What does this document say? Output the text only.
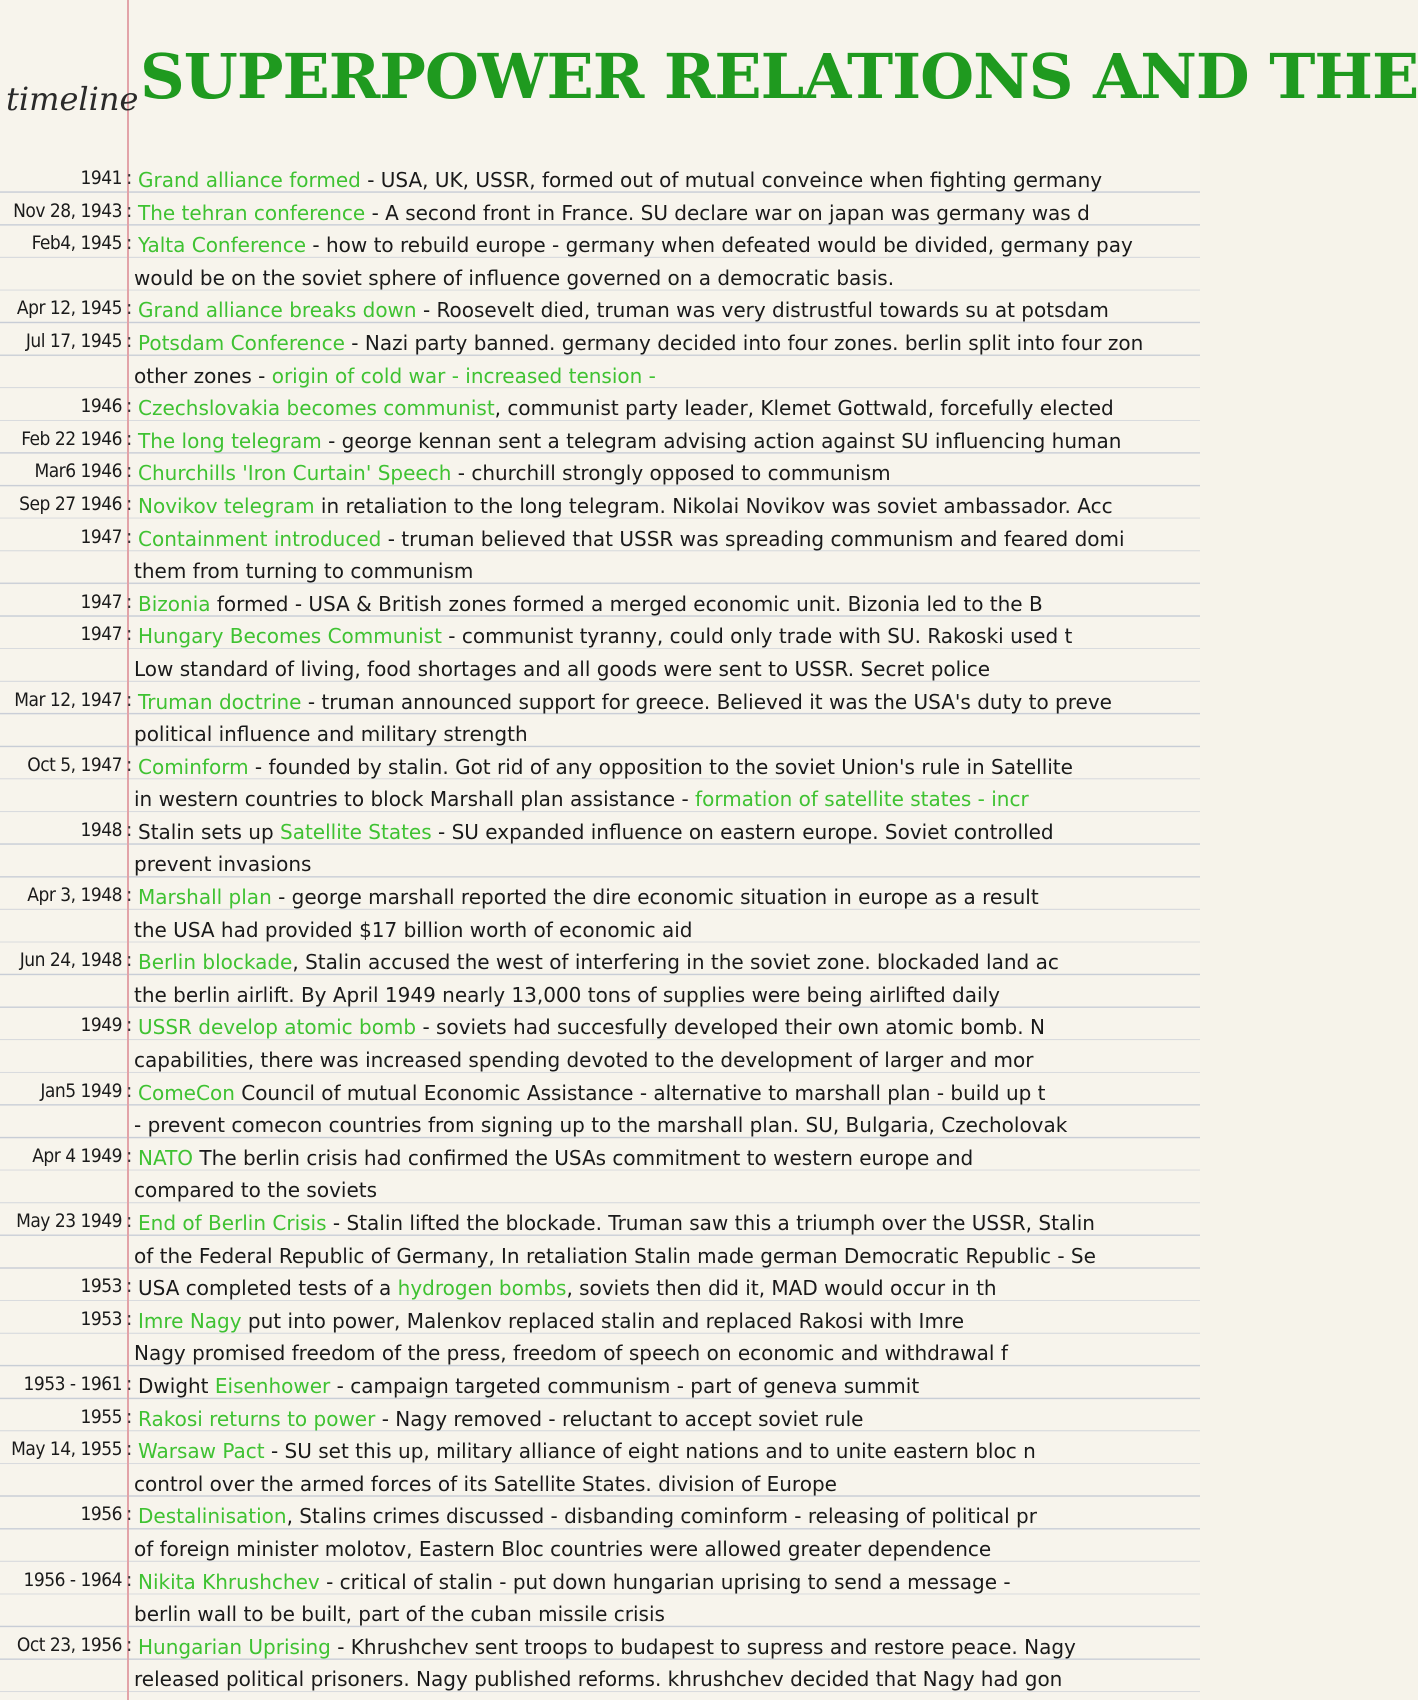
timeline SUPERPOWER RELATIONS AND THE
1941 : Grand alliance formed - USA, UK, USSR, formed out of mutual conveince when fighting germany
Nov 28, 1943 : The tehran conference - A second front in France. SU declare war on japan was germany was d
Feb4, 1945 : Yalta Conference - how to rebuild europe - germany when defeated would be divided, germany pay
would be on the soviet sphere of influence governed on a democratic basis.
Apr 12, 1945 : Grand alliance breaks down - Roosevelt died, truman was very distrustful towards su at potsdam
Jul 17, 1945 : Potsdam Conference - Nazi party banned. germany decided into four zones. berlin split into four zon
other zones - origin of cold war - increased tension -
1946 : Czechslovakia becomes communist, communist party leader, Klemet Gottwald, forcefully elected
Feb 22 1946 : The long telegram - george kennan sent a telegram advising action against SU influencing human
Mar6 1946 : Churchills 'Iron Curtain' Speech - churchill strongly opposed to communism
Sep 27 1946 : Novikov telegram in retaliation to the long telegram. Nikolai Novikov was soviet ambassador. Acc
1947 : Containment introduced - truman believed that USSR was spreading communism and feared domi
them from turning to communism
1947 : Bizonia formed - USA & British zones formed a merged economic unit. Bizonia led to the B
1947 : Hungary Becomes Communist - communist tyranny, could only trade with SU. Rakoski used t
Low standard of living, food shortages and all goods were sent to USSR. Secret police
Mar 12, 1947 : Truman doctrine - truman announced support for greece. Believed it was the USA's duty to preve
political influence and military strength
Oct 5, 1947 : Cominform - founded by stalin. Got rid of any opposition to the soviet Union's rule in Satellite
in western countries to block Marshall plan assistance - formation of satellite states - incr
1948 : Stalin sets up Satellite States - SU expanded influence on eastern europe. Soviet controlled
prevent invasions
Apr 3, 1948 : Marshall plan - george marshall reported the dire economic situation in europe as a result
the USA had provided $17 billion worth of economic aid
Jun 24, 1948 : Berlin blockade, Stalin accused the west of interfering in the soviet zone. blockaded land ac
the berlin airlift. By April 1949 nearly 13,000 tons of supplies were being airlifted daily
1949 : USSR develop atomic bomb - soviets had succesfully developed their own atomic bomb. N
capabilities, there was increased spending devoted to the development of larger and mor
Jan5 1949 : ComeCon Council of mutual Economic Assistance - alternative to marshall plan - build up t
- prevent comecon countries from signing up to the marshall plan. SU, Bulgaria, Czecholovak
Apr 4 1949 : NATO The berlin crisis had confirmed the USAs commitment to western europe and
compared to the soviets
May 23 1949 : End of Berlin Crisis - Stalin lifted the blockade. Truman saw this a triumph over the USSR, Stalin
of the Federal Republic of Germany, In retaliation Stalin made german Democratic Republic - Se
1953 : USA completed tests of a hydrogen bombs, soviets then did it, MAD would occur in th
1953 : Imre Nagy put into power, Malenkov replaced stalin and replaced Rakosi with Imre
Nagy promised freedom of the press, freedom of speech on economic and withdrawal f
1953 - 1961 : Dwight Eisenhower - campaign targeted communism - part of geneva summit
1955 : Rakosi returns to power - Nagy removed - reluctant to accept soviet rule
May 14, 1955 : Warsaw Pact - SU set this up, military alliance of eight nations and to unite eastern bloc n
control over the armed forces of its Satellite States. division of Europe
1956 : Destalinisation, Stalins crimes discussed - disbanding cominform - releasing of political pr
of foreign minister molotov, Eastern Bloc countries were allowed greater dependence
1956 - 1964 : Nikita Khrushchev - critical of stalin - put down hungarian uprising to send a message -
berlin wall to be built, part of the cuban missile crisis
Oct 23, 1956 : Hungarian Uprising - Khrushchev sent troops to budapest to supress and restore peace. Nagy
released political prisoners. Nagy published reforms. khrushchev decided that Nagy had gon
